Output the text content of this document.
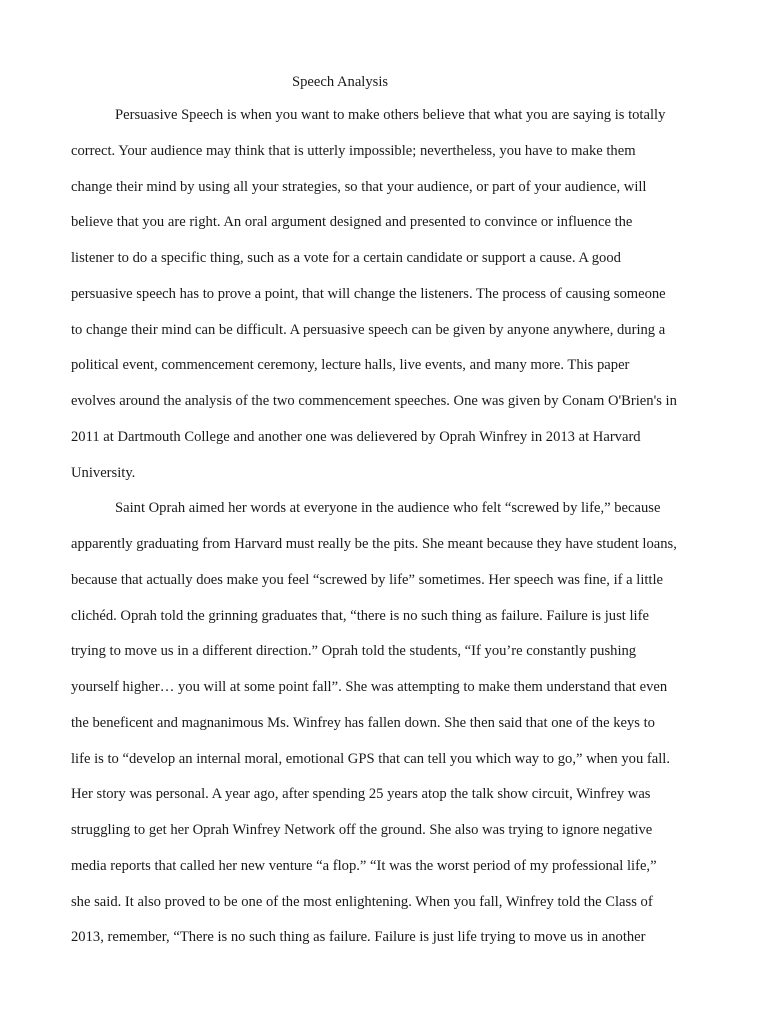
Speech Analysis
Persuasive Speech is when you want to make others believe that what you are saying is totally
correct. Your audience may think that is utterly impossible; nevertheless, you have to make them
change their mind by using all your strategies, so that your audience, or part of your audience, will
believe that you are right. An oral argument designed and presented to convince or influence the
listener to do a specific thing, such as a vote for a certain candidate or support a cause. A good
persuasive speech has to prove a point, that will change the listeners. The process of causing someone
to change their mind can be difficult. A persuasive speech can be given by anyone anywhere, during a
political event, commencement ceremony, lecture halls, live events, and many more. This paper
evolves around the analysis of the two commencement speeches. One was given by Conam O'Brien's in
2011 at Dartmouth College and another one was delievered by Oprah Winfrey in 2013 at Harvard
University.
Saint Oprah aimed her words at everyone in the audience who felt “screwed by life,” because
apparently graduating from Harvard must really be the pits. She meant because they have student loans,
because that actually does make you feel “screwed by life” sometimes. Her speech was fine, if a little
clichéd. Oprah told the grinning graduates that, “there is no such thing as failure. Failure is just life
trying to move us in a different direction.” Oprah told the students, “If you’re constantly pushing
yourself higher… you will at some point fall”. She was attempting to make them understand that even
the beneficent and magnanimous Ms. Winfrey has fallen down. She then said that one of the keys to
life is to “develop an internal moral, emotional GPS that can tell you which way to go,” when you fall.
Her story was personal. A year ago, after spending 25 years atop the talk show circuit, Winfrey was
struggling to get her Oprah Winfrey Network off the ground. She also was trying to ignore negative
media reports that called her new venture “a flop.” “It was the worst period of my professional life,”
she said. It also proved to be one of the most enlightening. When you fall, Winfrey told the Class of
2013, remember, “There is no such thing as failure. Failure is just life trying to move us in another
